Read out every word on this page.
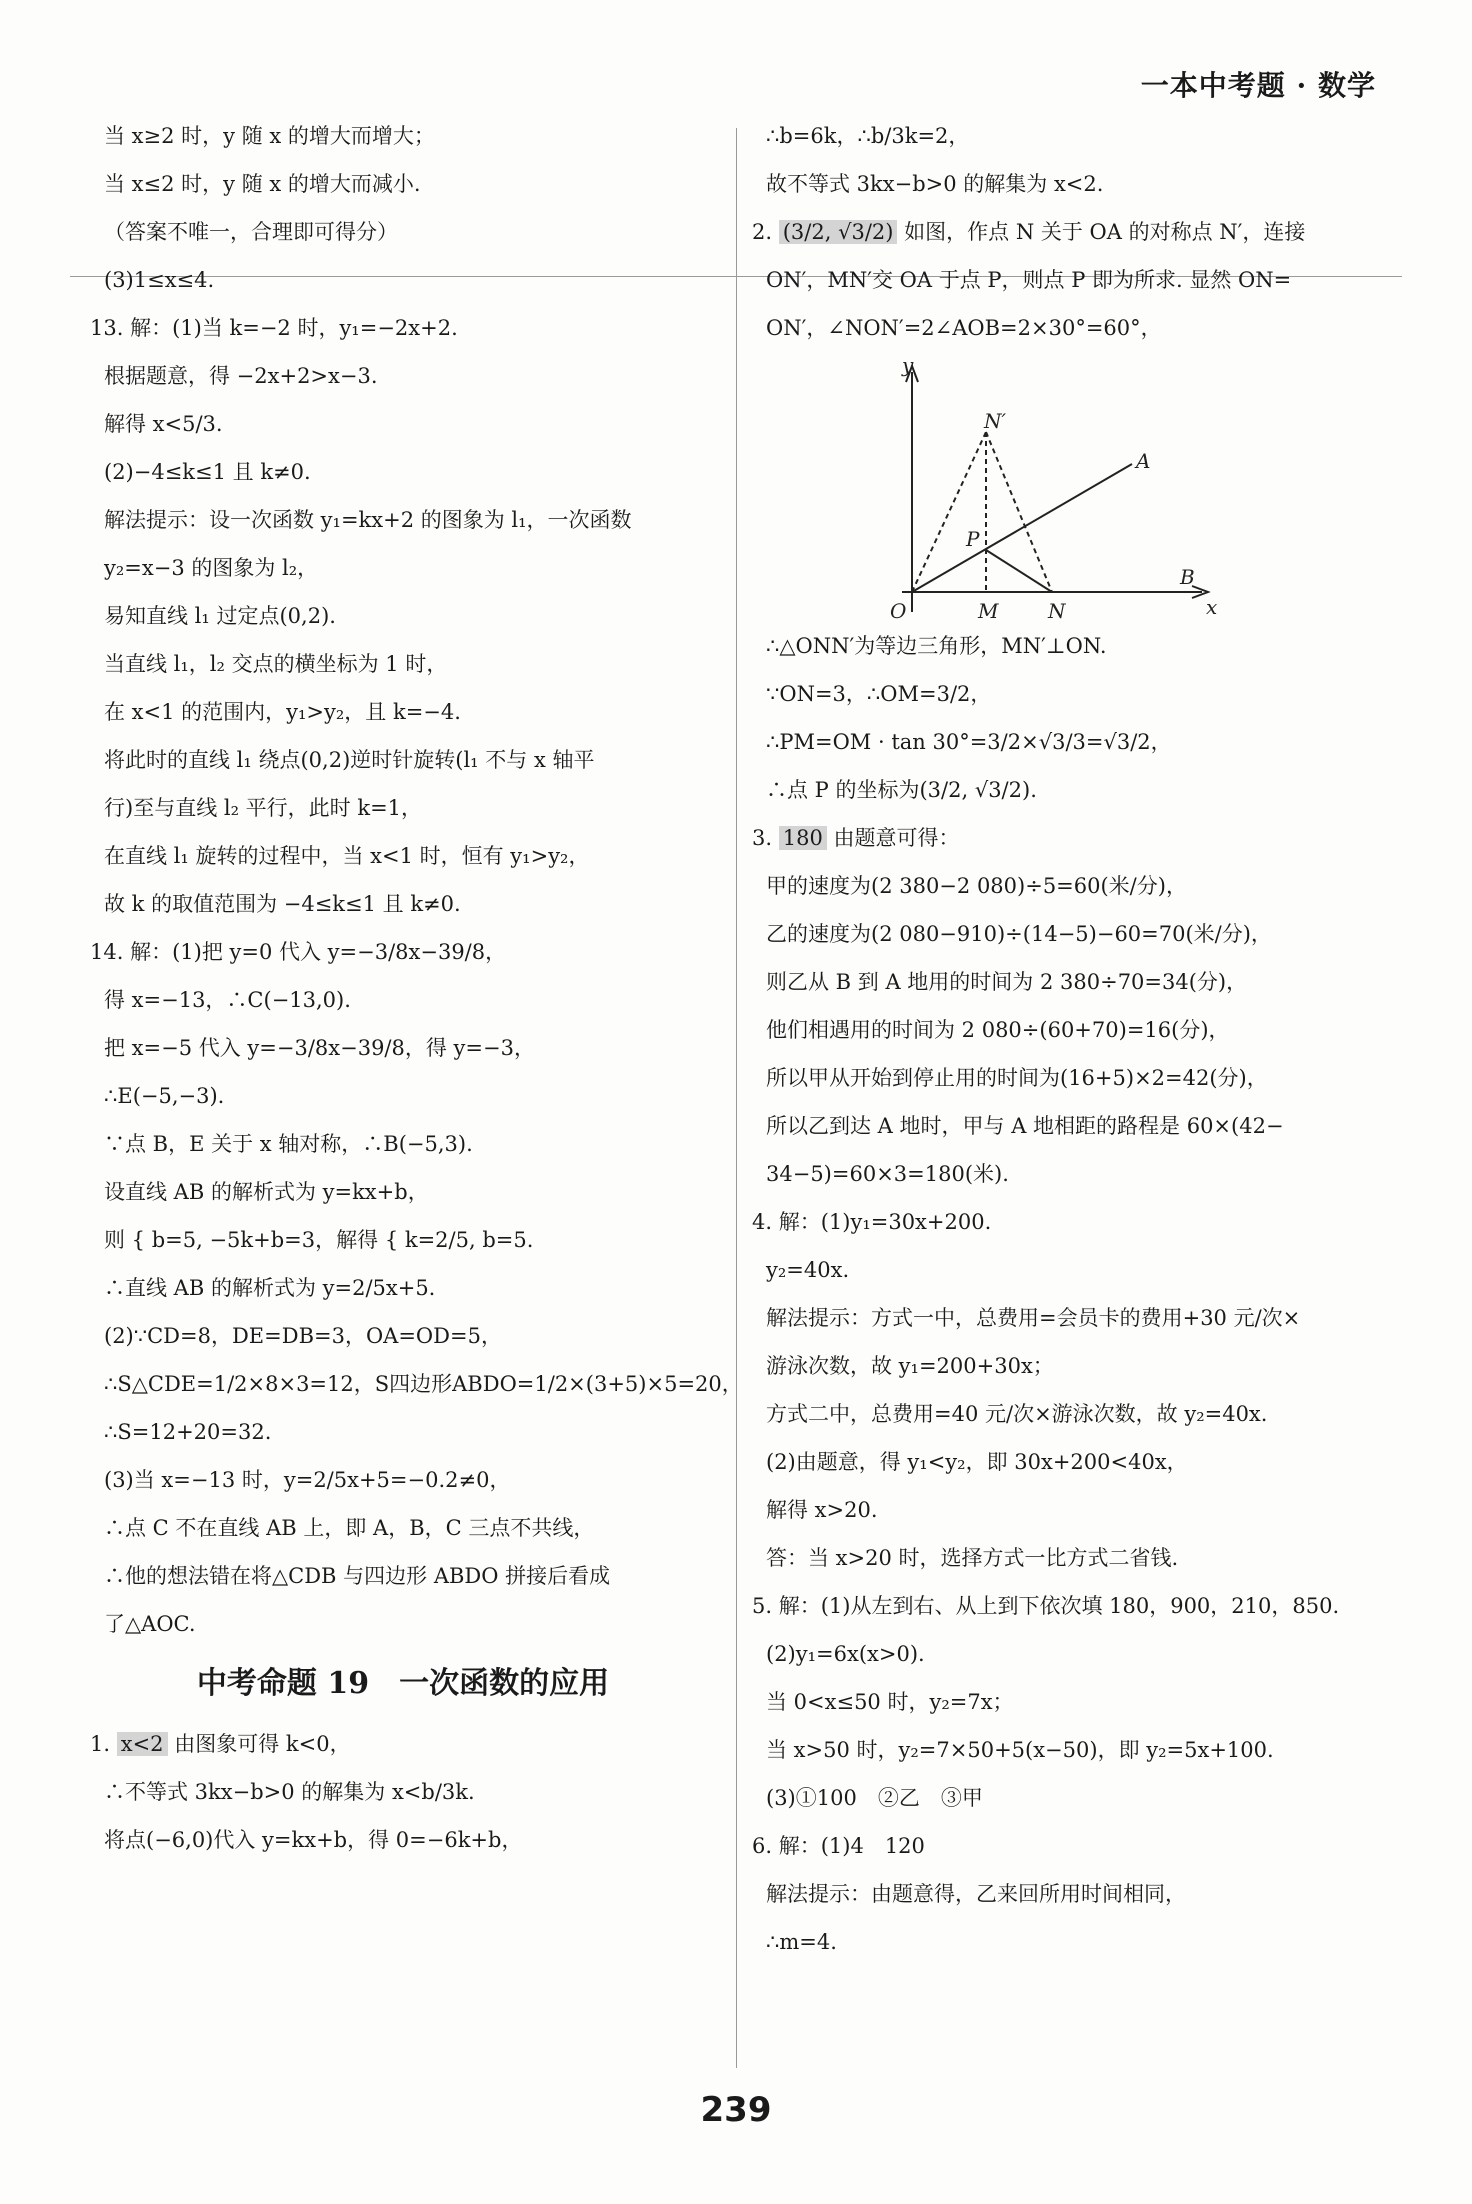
一本中考题 · 数学
当 x≥2 时，y 随 x 的增大而增大；
当 x≤2 时，y 随 x 的增大而减小.
（答案不唯一，合理即可得分）
(3)1≤x≤4.
13. 解：(1)当 k=−2 时，y₁=−2x+2.
根据题意，得 −2x+2>x−3.
解得 x<5/3.
(2)−4≤k≤1 且 k≠0.
解法提示：设一次函数 y₁=kx+2 的图象为 l₁，一次函数
y₂=x−3 的图象为 l₂，
易知直线 l₁ 过定点(0,2).
当直线 l₁，l₂ 交点的横坐标为 1 时，
在 x<1 的范围内，y₁>y₂，且 k=−4.
将此时的直线 l₁ 绕点(0,2)逆时针旋转(l₁ 不与 x 轴平
行)至与直线 l₂ 平行，此时 k=1，
在直线 l₁ 旋转的过程中，当 x<1 时，恒有 y₁>y₂，
故 k 的取值范围为 −4≤k≤1 且 k≠0.
14. 解：(1)把 y=0 代入 y=−3/8x−39/8，
得 x=−13，∴C(−13,0).
把 x=−5 代入 y=−3/8x−39/8，得 y=−3，
∴E(−5,−3).
∵点 B，E 关于 x 轴对称，∴B(−5,3).
设直线 AB 的解析式为 y=kx+b，
则 { b=5, −5k+b=3，解得 { k=2/5, b=5.
∴直线 AB 的解析式为 y=2/5x+5.
(2)∵CD=8，DE=DB=3，OA=OD=5，
∴S△CDE=1/2×8×3=12，S四边形ABDO=1/2×(3+5)×5=20，
∴S=12+20=32.
(3)当 x=−13 时，y=2/5x+5=−0.2≠0，
∴点 C 不在直线 AB 上，即 A，B，C 三点不共线，
∴他的想法错在将△CDB 与四边形 ABDO 拼接后看成
了△AOC.
中考命题 19　一次函数的应用
1. x<2 由图象可得 k<0，
∴不等式 3kx−b>0 的解集为 x<b/3k.
将点(−6,0)代入 y=kx+b，得 0=−6k+b，
∴b=6k，∴b/3k=2，
故不等式 3kx−b>0 的解集为 x<2.
2. (3/2, √3/2) 如图，作点 N 关于 OA 的对称点 N′，连接
ON′，MN′交 OA 于点 P，则点 P 即为所求. 显然 ON=
ON′，∠NON′=2∠AOB=2×30°=60°，
y
x
O	M N
N′
A
B
P
∴△ONN′为等边三角形，MN′⊥ON.
∵ON=3，∴OM=3/2，
∴PM=OM · tan 30°=3/2×√3/3=√3/2，
∴点 P 的坐标为(3/2, √3/2).
3. 180 由题意可得：
甲的速度为(2 380−2 080)÷5=60(米/分)，
乙的速度为(2 080−910)÷(14−5)−60=70(米/分)，
则乙从 B 到 A 地用的时间为 2 380÷70=34(分)，
他们相遇用的时间为 2 080÷(60+70)=16(分)，
所以甲从开始到停止用的时间为(16+5)×2=42(分)，
所以乙到达 A 地时，甲与 A 地相距的路程是 60×(42−
34−5)=60×3=180(米).
4. 解：(1)y₁=30x+200.
y₂=40x.
解法提示：方式一中，总费用=会员卡的费用+30 元/次×
游泳次数，故 y₁=200+30x；
方式二中，总费用=40 元/次×游泳次数，故 y₂=40x.
(2)由题意，得 y₁<y₂，即 30x+200<40x，
解得 x>20.
答：当 x>20 时，选择方式一比方式二省钱.
5. 解：(1)从左到右、从上到下依次填 180，900，210，850.
(2)y₁=6x(x>0).
当 0<x≤50 时，y₂=7x；
当 x>50 时，y₂=7×50+5(x−50)，即 y₂=5x+100.
(3)①100　②乙　③甲
6. 解：(1)4　120
解法提示：由题意得，乙来回所用时间相同，
∴m=4.
239
